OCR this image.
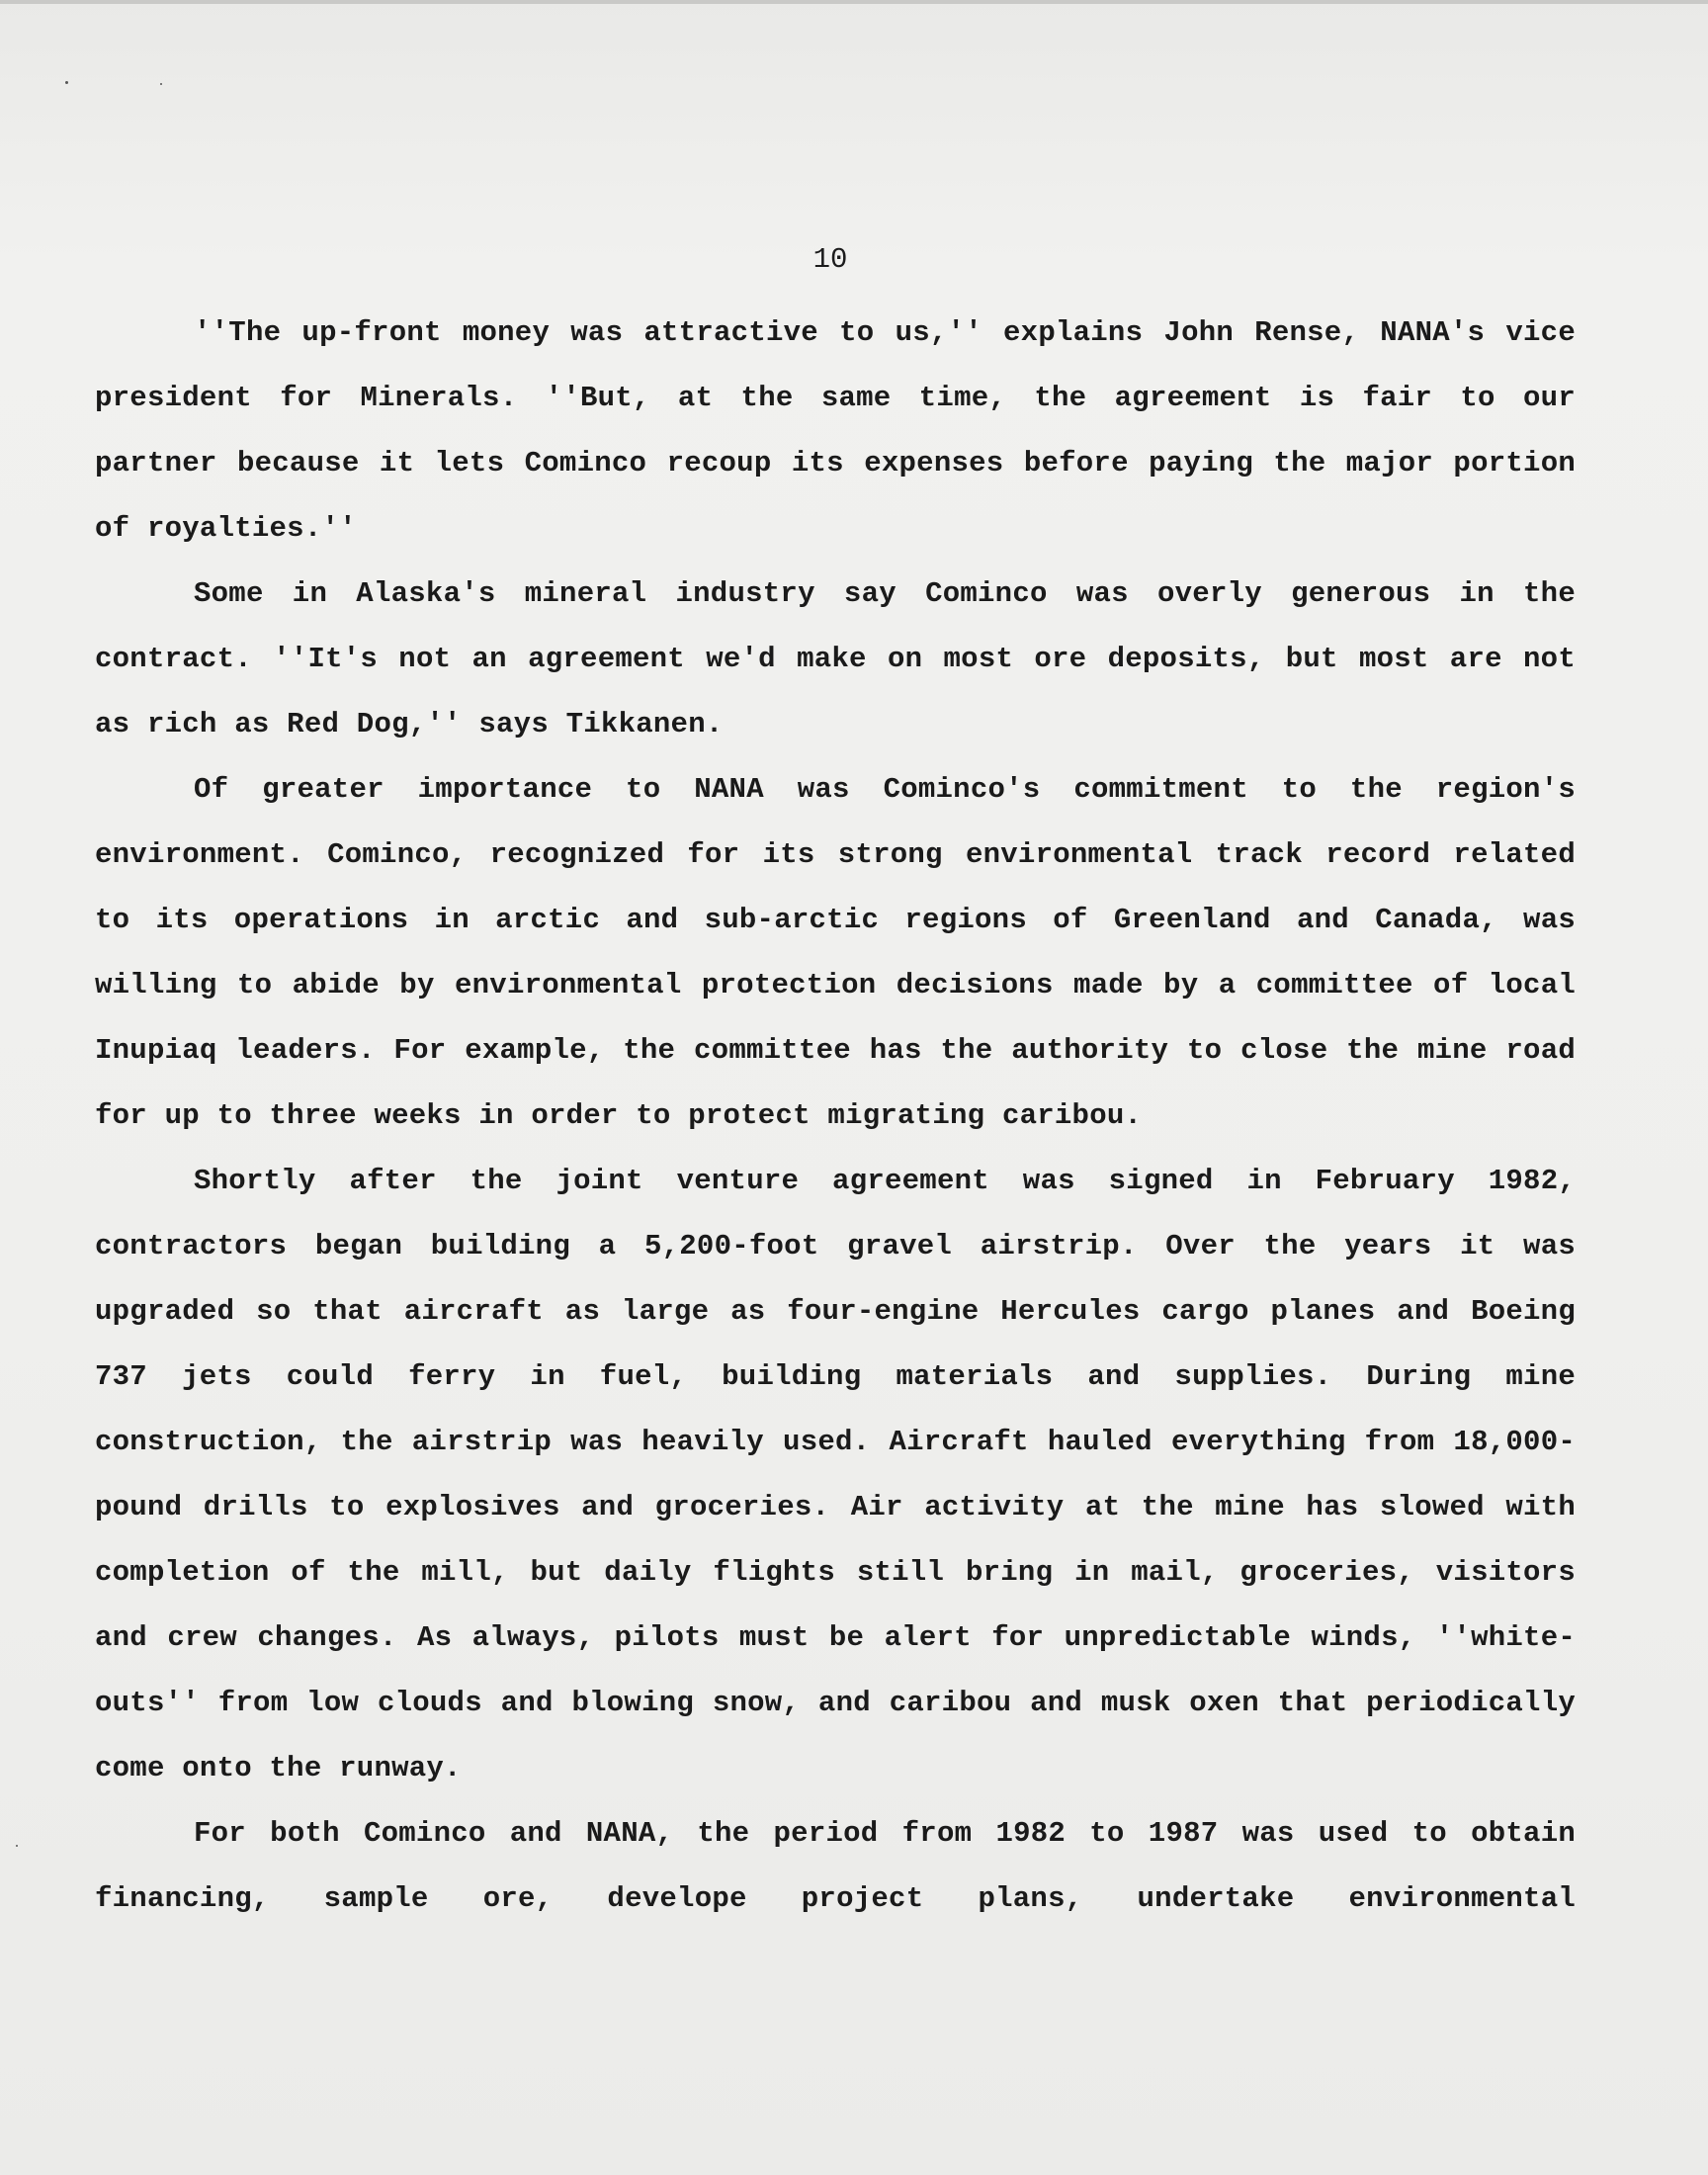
10

''The up-front money was attractive to us,'' explains John Rense, NANA's vice president for Minerals. ''But, at the same time, the agreement is fair to our partner because it lets Cominco recoup its expenses before paying the major portion of royalties.''

Some in Alaska's mineral industry say Cominco was overly generous in the contract. ''It's not an agreement we'd make on most ore deposits, but most are not as rich as Red Dog,'' says Tikkanen.

Of greater importance to NANA was Cominco's commitment to the region's environment. Cominco, recognized for its strong environmental track record related to its operations in arctic and sub-arctic regions of Greenland and Canada, was willing to abide by environmental protection decisions made by a committee of local Inupiaq leaders. For example, the committee has the authority to close the mine road for up to three weeks in order to protect migrating caribou.

Shortly after the joint venture agreement was signed in February 1982, contractors began building a 5,200-foot gravel airstrip. Over the years it was upgraded so that aircraft as large as four-engine Hercules cargo planes and Boeing 737 jets could ferry in fuel, building materials and supplies. During mine construction, the airstrip was heavily used. Aircraft hauled everything from 18,000-pound drills to explosives and groceries. Air activity at the mine has slowed with completion of the mill, but daily flights still bring in mail, groceries, visitors and crew changes. As always, pilots must be alert for unpredictable winds, ''white-outs'' from low clouds and blowing snow, and caribou and musk oxen that periodically come onto the runway.

For both Cominco and NANA, the period from 1982 to 1987 was used to obtain financing, sample ore, develope project plans, undertake environmental
